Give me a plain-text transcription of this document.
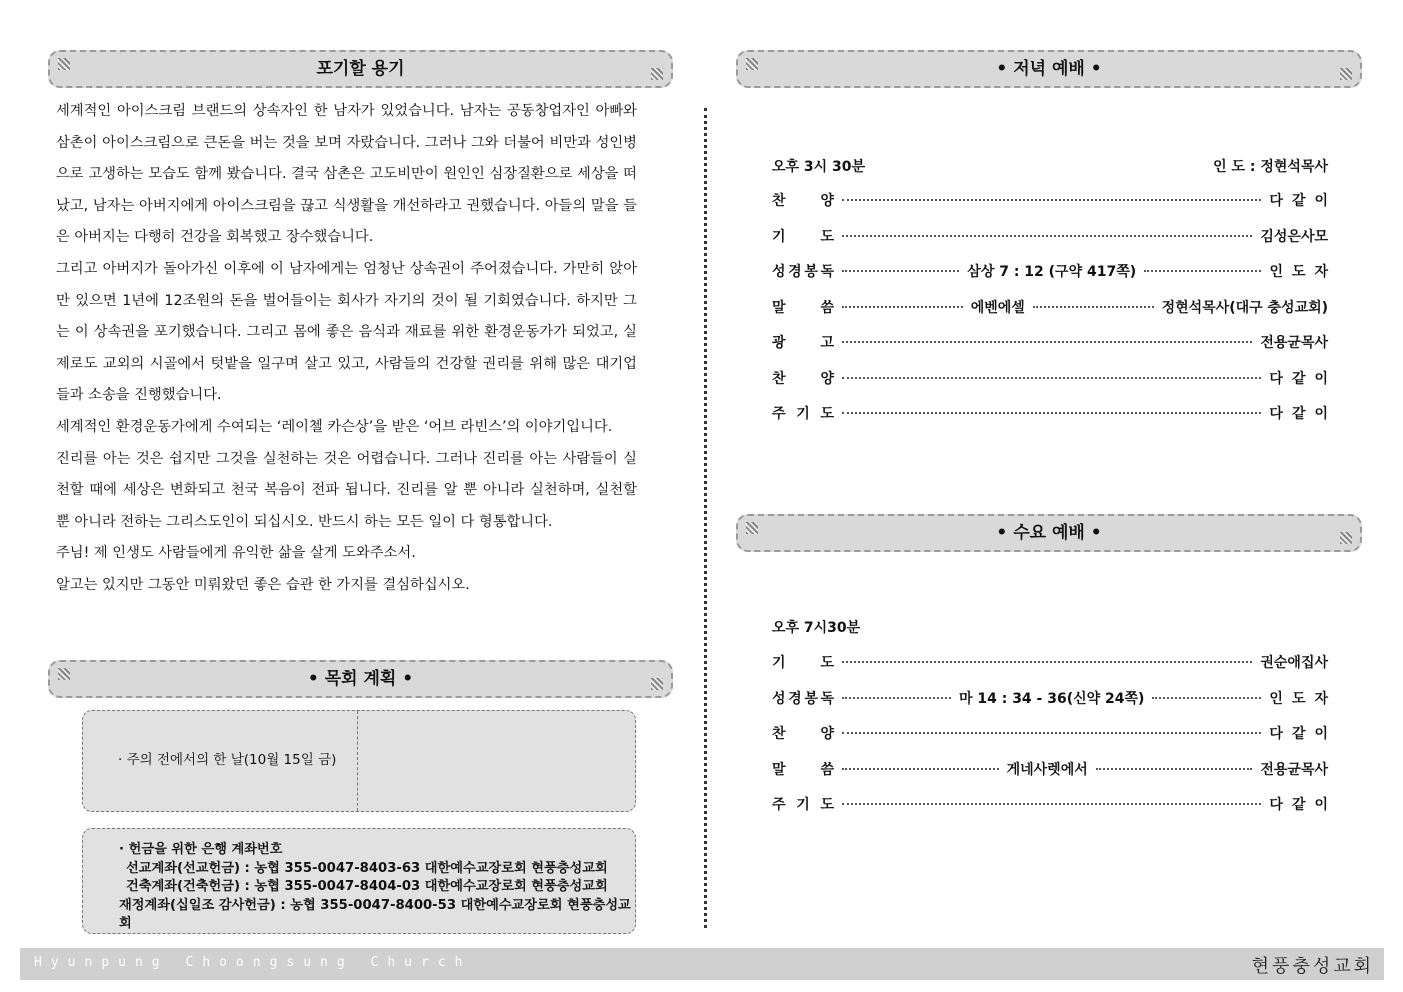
포기할 용기

세계적인 아이스크림 브랜드의 상속자인 한 남자가 있었습니다. 남자는 공동창업자인 아빠와 삼촌이 아이스크림으로 큰돈을 버는 것을 보며 자랐습니다. 그러나 그와 더불어 비만과 성인병으로 고생하는 모습도 함께 봤습니다. 결국 삼촌은 고도비만이 원인인 심장질환으로 세상을 떠났고, 남자는 아버지에게 아이스크림을 끊고 식생활을 개선하라고 권했습니다. 아들의 말을 들은 아버지는 다행히 건강을 회복했고 장수했습니다.

그리고 아버지가 돌아가신 이후에 이 남자에게는 엄청난 상속권이 주어졌습니다. 가만히 앉아만 있으면 1년에 12조원의 돈을 벌어들이는 회사가 자기의 것이 될 기회였습니다. 하지만 그는 이 상속권을 포기했습니다. 그리고 몸에 좋은 음식과 재료를 위한 환경운동가가 되었고, 실제로도 교외의 시골에서 텃밭을 일구며 살고 있고, 사람들의 건강할 권리를 위해 많은 대기업들과 소송을 진행했습니다.

세계적인 환경운동가에게 수여되는 ‘레이첼 카슨상’을 받은 ‘어브 라빈스’의 이야기입니다.

진리를 아는 것은 쉽지만 그것을 실천하는 것은 어렵습니다. 그러나 진리를 아는 사람들이 실천할 때에 세상은 변화되고 천국 복음이 전파 됩니다. 진리를 알 뿐 아니라 실천하며, 실천할 뿐 아니라 전하는 그리스도인이 되십시오. 반드시 하는 모든 일이 다 형통합니다.

주님! 제 인생도 사람들에게 유익한 삶을 살게 도와주소서.

알고는 있지만 그동안 미뤄왔던 좋은 습관 한 가지를 결심하십시오.

• 목회 계획 •
· 주의 전에서의 한 날(10월 15일 금)
· 헌금을 위한 은행 계좌번호
선교계좌(선교헌금) : 농협 355-0047-8403-63 대한예수교장로회 현풍충성교회
건축계좌(건축헌금) : 농협 355-0047-8404-03 대한예수교장로회 현풍충성교회
재정계좌(십일조 감사헌금) : 농협 355-0047-8400-53 대한예수교장로회 현풍충성교회
• 저녁 예배 •
오후 3시 30분	인 도 : 정현석목사
찬 양	다같이
기 도	김성은사모
성 경 봉 독	삼상 7 : 12 (구약 417쪽)	인도자
말 씀	에벤에셀	정현석목사(대구 충성교회)
광 고	전용균목사
찬 양	다같이
주 기 도	다같이
• 수요 예배 •
오후 7시30분
기 도	권순애집사
성 경 봉 독	마 14 : 34 - 36(신약 24쪽)	인도자
찬 양	다같이
말 씀	게네사렛에서	전용균목사
주 기 도	다같이
Hyunpung Choongsung Church	현풍충성교회
